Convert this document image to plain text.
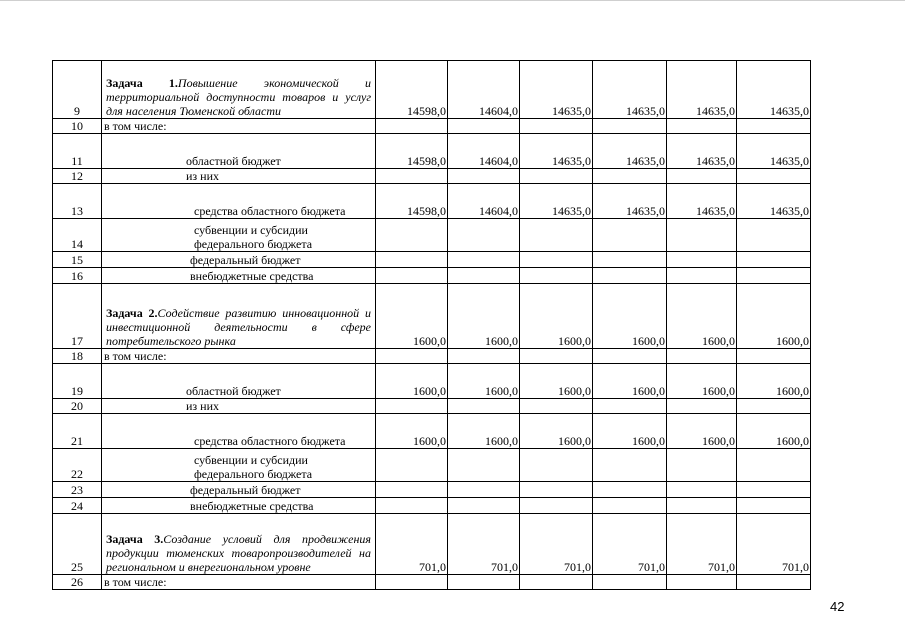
9	Задача 1.Повышение экономической и территориальной доступности товаров и услуг для населения Тюменской области	14598,0	14604,0	14635,0	14635,0	14635,0	14635,0
10	в том числе:						
11	областной бюджет	14598,0	14604,0	14635,0	14635,0	14635,0	14635,0
12	из них						
13	средства областного бюджета	14598,0	14604,0	14635,0	14635,0	14635,0	14635,0
14	субвенции и субсидии федерального бюджета						
15	федеральный бюджет						
16	внебюджетные средства						
17	Задача 2.Содействие развитию инновационной и инвестиционной деятельности в сфере потребительского рынка	1600,0	1600,0	1600,0	1600,0	1600,0	1600,0
18	в том числе:						
19	областной бюджет	1600,0	1600,0	1600,0	1600,0	1600,0	1600,0
20	из них						
21	средства областного бюджета	1600,0	1600,0	1600,0	1600,0	1600,0	1600,0
22	субвенции и субсидии федерального бюджета						
23	федеральный бюджет						
24	внебюджетные средства						
25	Задача 3.Создание условий для продвижения продукции тюменских товаропроизводителей на региональном и внерегиональном уровне	701,0	701,0	701,0	701,0	701,0	701,0
26	в том числе:						
42
